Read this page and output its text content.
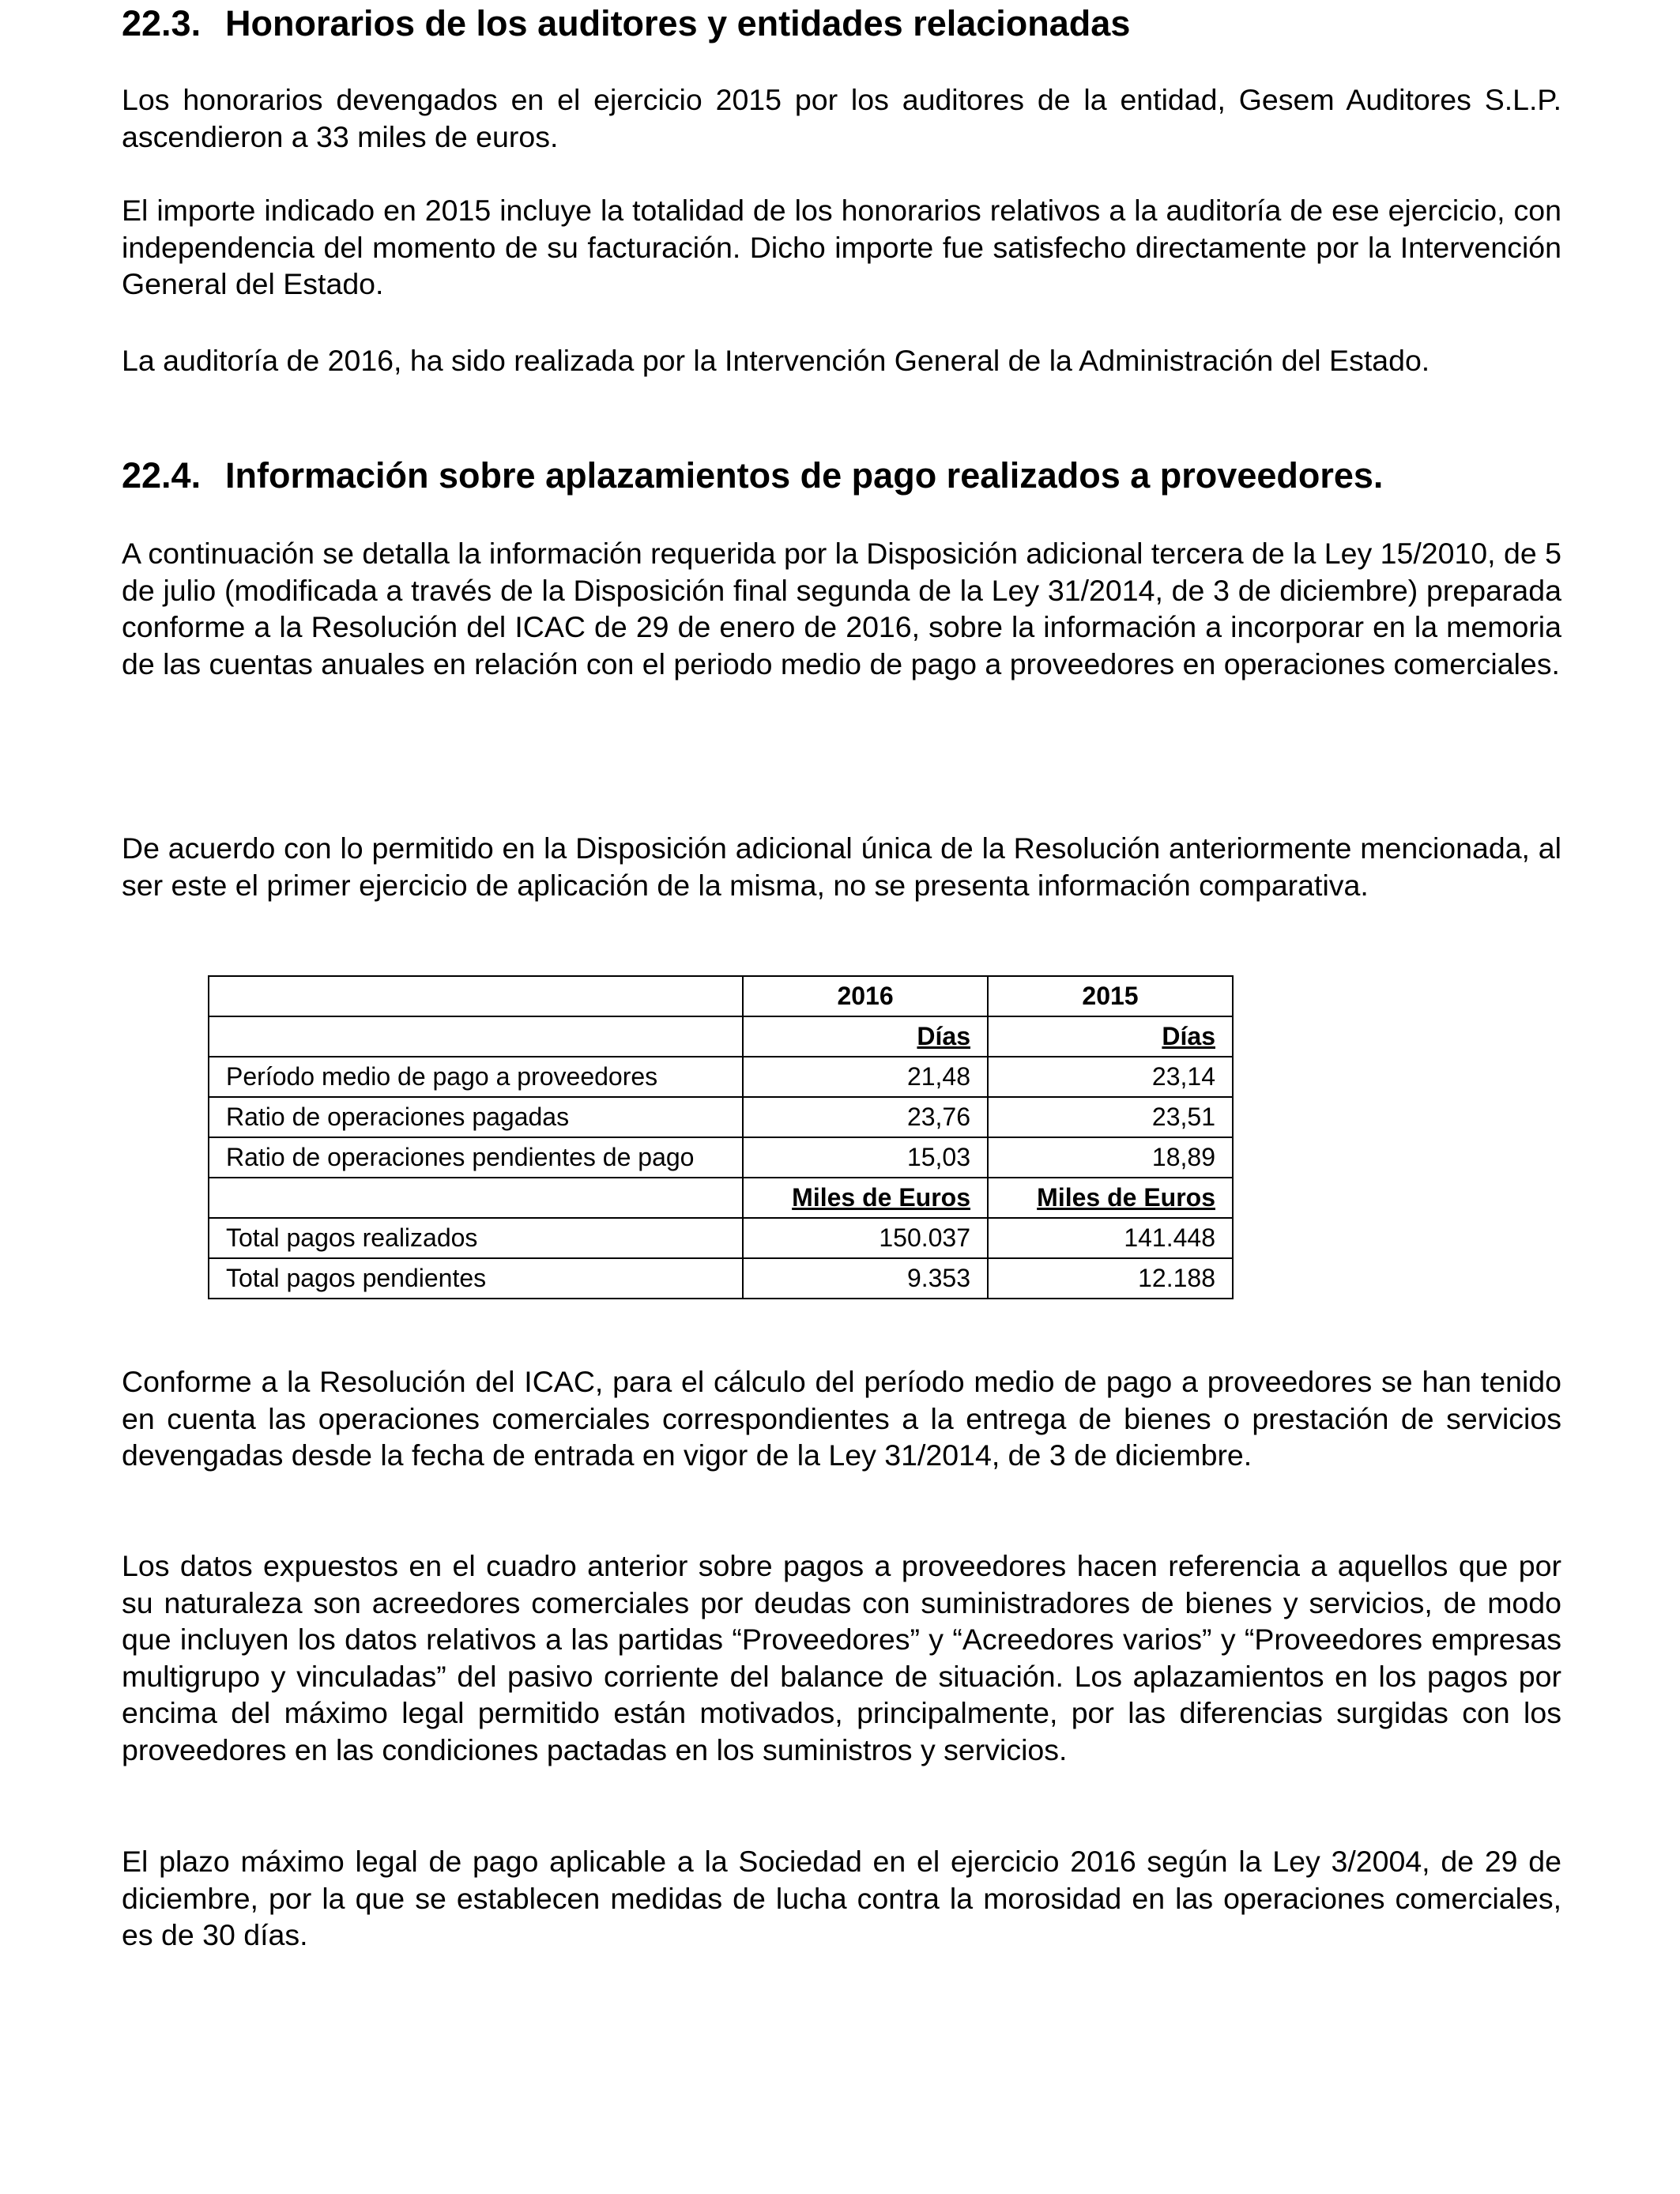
22.3. Honorarios de los auditores y entidades relacionadas
Los honorarios devengados en el ejercicio 2015 por los auditores de la entidad, Gesem Auditores S.L.P. ascendieron a 33 miles de euros.
El importe indicado en 2015 incluye la totalidad de los honorarios relativos a la auditoría de ese ejercicio, con independencia del momento de su facturación. Dicho importe fue satisfecho directamente por la Intervención General del Estado.
La auditoría de 2016, ha sido realizada por la Intervención General de la Administración del Estado.
22.4. Información sobre aplazamientos de pago realizados a proveedores.
A continuación se detalla la información requerida por la Disposición adicional tercera de la Ley 15/2010, de 5 de julio (modificada a través de la Disposición final segunda de la Ley 31/2014, de 3 de diciembre) preparada conforme a la Resolución del ICAC de 29 de enero de 2016, sobre la información a incorporar en la memoria de las cuentas anuales en relación con el periodo medio de pago a proveedores en operaciones comerciales.
De acuerdo con lo permitido en la Disposición adicional única de la Resolución anteriormente mencionada, al ser este el primer ejercicio de aplicación de la misma, no se presenta información comparativa.
Conforme a la Resolución del ICAC, para el cálculo del período medio de pago a proveedores se han tenido en cuenta las operaciones comerciales correspondientes a la entrega de bienes o prestación de servicios devengadas desde la fecha de entrada en vigor de la Ley 31/2014, de 3 de diciembre.
Los datos expuestos en el cuadro anterior sobre pagos a proveedores hacen referencia a aquellos que por su naturaleza son acreedores comerciales por deudas con suministradores de bienes y servicios, de modo que incluyen los datos relativos a las partidas “Proveedores” y “Acreedores varios” y “Proveedores empresas multigrupo y vinculadas” del pasivo corriente del balance de situación. Los aplazamientos en los pagos por encima del máximo legal permitido están motivados, principalmente, por las diferencias surgidas con los proveedores en las condiciones pactadas en los suministros y servicios.
El plazo máximo legal de pago aplicable a la Sociedad en el ejercicio 2016 según la Ley 3/2004, de 29 de diciembre, por la que se establecen medidas de lucha contra la morosidad en las operaciones comerciales, es de 30 días.
	2016	2015
	Días	Días
Período medio de pago a proveedores	21,48	23,14
Ratio de operaciones pagadas	23,76	23,51
Ratio de operaciones pendientes de pago	15,03	18,89
	Miles de Euros	Miles de Euros
Total pagos realizados	150.037	141.448
Total pagos pendientes	9.353	12.188
